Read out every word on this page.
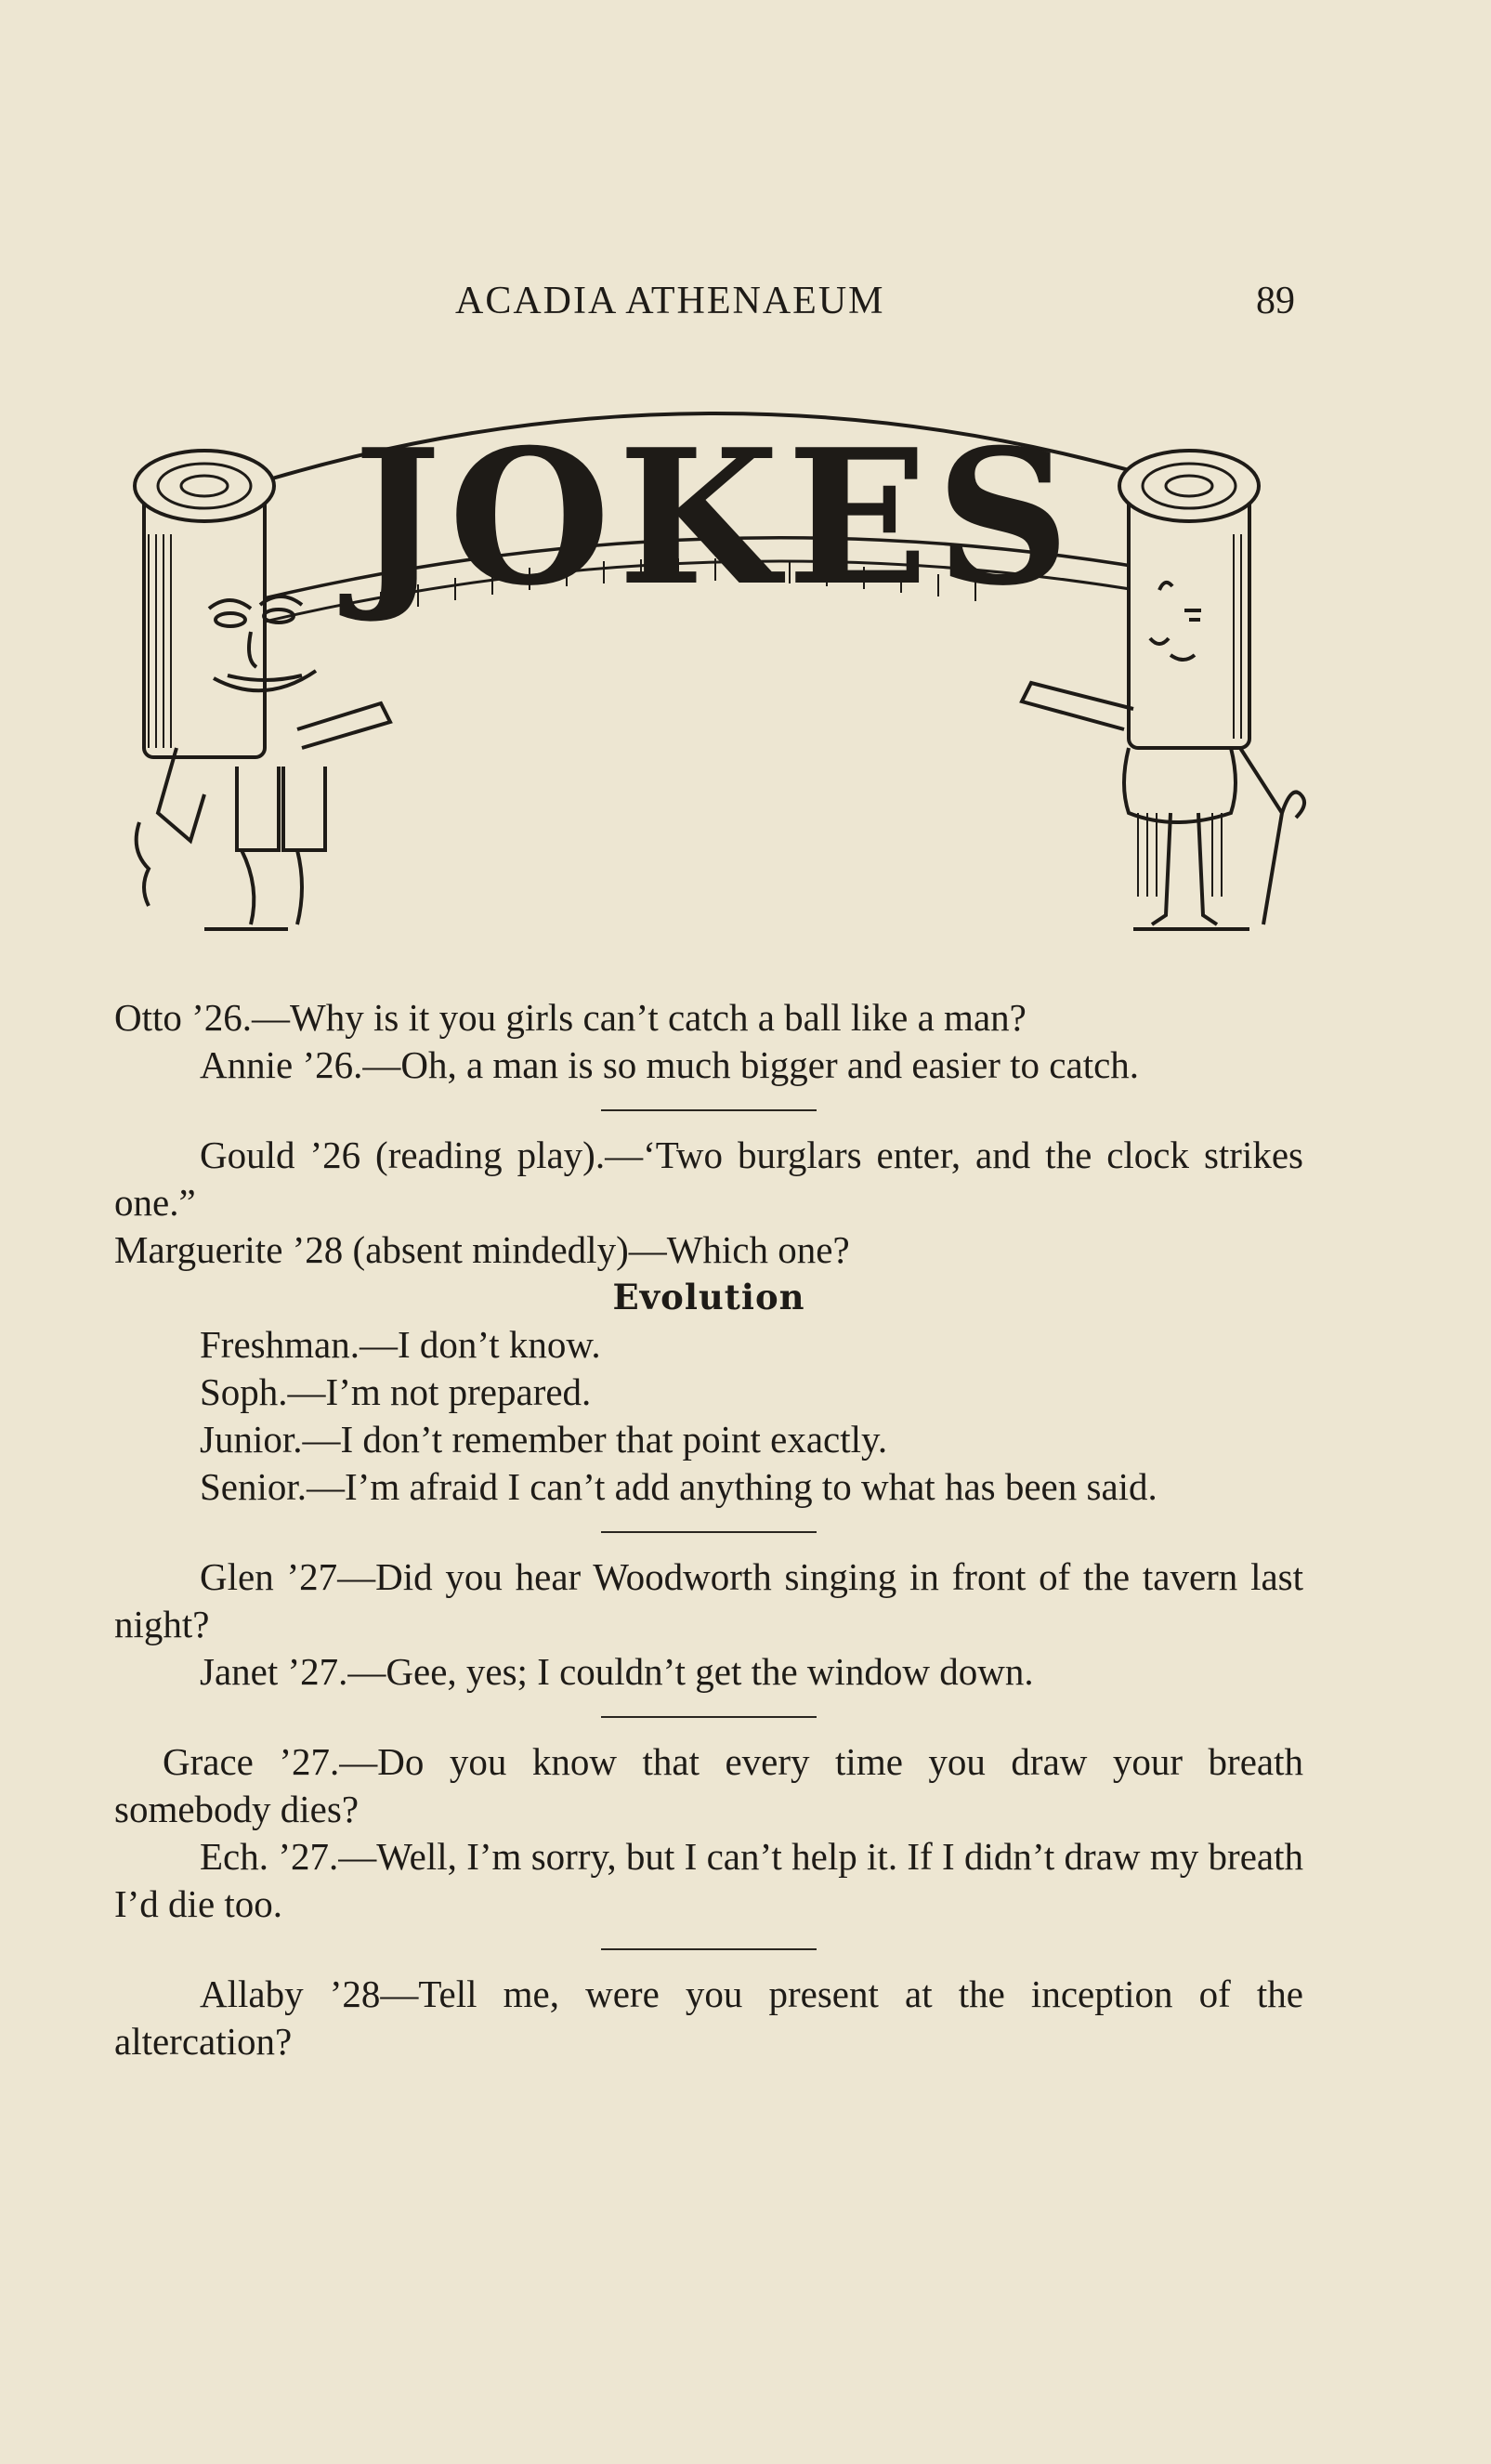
ACADIA ATHENAEUM	89
JOKES

Otto ’26.—Why is it you girls can’t catch a ball like a man?

Annie ’26.—Oh, a man is so much bigger and easier to catch.

Gould ’26 (reading play).—‘Two burglars enter, and the clock strikes one.”

Marguerite ’28 (absent mindedly)—Which one?

Evolution

Freshman.—I don’t know.

Soph.—I’m not prepared.

Junior.—I don’t remember that point exactly.

Senior.—I’m afraid I can’t add anything to what has been said.

Glen ’27—Did you hear Woodworth singing in front of the tavern last night?

Janet ’27.—Gee, yes; I couldn’t get the window down.

Grace ’27.—Do you know that every time you draw your breath somebody dies?

Ech. ’27.—Well, I’m sorry, but I can’t help it. If I didn’t draw my breath I’d die too.

Allaby ’28—Tell me, were you present at the inception of the altercation?
